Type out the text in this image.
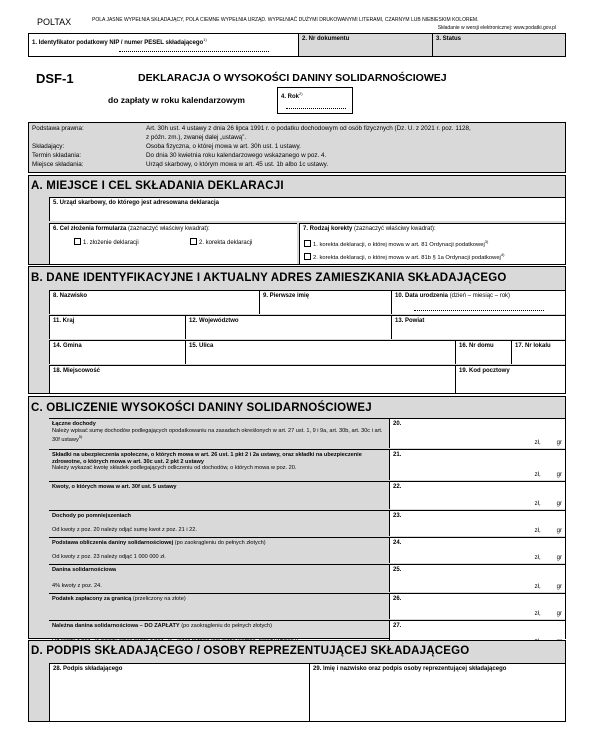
POLTAX	POLA JASNE WYPEŁNIA SKŁADAJĄCY, POLA CIEMNE WYPEŁNIA URZĄD. WYPEŁNIAĆ DUŻYMI DRUKOWANYMI LITERAMI, CZARNYM LUB NIEBIESKIM KOLOREM.
Składanie w wersji elektronicznej: www.podatki.gov.pl
1. Identyfikator podatkowy NIP / numer PESEL składającego$^{1)}$	2. Nr dokumentu	3. Status
DSF-1	DEKLARACJA O WYSOKOŚCI DANINY SOLIDARNOŚCIOWEJ
do zapłaty w roku kalendarzowym	4. Rok$^{2)}$
Podstawa prawna:	Art. 30h ust. 4 ustawy z dnia 26 lipca 1991 r. o podatku dochodowym od osób fizycznych (Dz. U. z 2021 r. poz. 1128,
z późn. zm.), zwanej dalej „ustawą”.
Składający:	Osoba fizyczna, o której mowa w art. 30h ust. 1 ustawy.
Termin składania:	Do dnia 30 kwietnia roku kalendarzowego wskazanego w poz. 4.
Miejsce składania:	Urząd skarbowy, o którym mowa w art. 45 ust. 1b albo 1c ustawy.
A. MIEJSCE I CEL SKŁADANIA DEKLARACJI
5. Urząd skarbowy, do którego jest adresowana deklaracja
6. Cel złożenia formularza (zaznaczyć właściwy kwadrat):
1. złożenie deklaracji	2. korekta deklaracji
7. Rodzaj korekty (zaznaczyć właściwy kwadrat):
1. korekta deklaracji, o której mowa w art. 81 Ordynacji podatkowej$^{3)}$
2. korekta deklaracji, o której mowa w art. 81b § 1a Ordynacji podatkowej$^{4)}$
B. DANE IDENTYFIKACYJNE I AKTUALNY ADRES ZAMIESZKANIA SKŁADAJĄCEGO
8. Nazwisko	9. Pierwsze imię	10. Data urodzenia (dzień – miesiąc – rok)
11. Kraj	12. Województwo	13. Powiat
14. Gmina	15. Ulica	16. Nr domu	17. Nr lokalu
18. Miejscowość	19. Kod pocztowy
C. OBLICZENIE WYSOKOŚCI DANINY SOLIDARNOŚCIOWEJ
Łączne dochody
Należy wpisać sumę dochodów podlegających opodatkowaniu na zasadach określonych w art. 27 ust. 1, 9 i 9a, art. 30b, art. 30c i art. 30f ustawy$^{5)}$
20.
zł,	gr
Składki na ubezpieczenia społeczne, o których mowa w art. 26 ust. 1 pkt 2 i 2a ustawy, oraz składki na ubezpieczenie zdrowotne, o których mowa w art. 30c ust. 2 pkt 2 ustawy
Należy wykazać kwotę składek podlegających odliczeniu od dochodów, o których mowa w poz. 20.
21.
zł,	gr
Kwoty, o których mowa w art. 30f ust. 5 ustawy	22.
zł,	gr
Dochody po pomniejszeniach
Od kwoty z poz. 20 należy odjąć sumę kwot z poz. 21 i 22.
23.
zł,	gr
Podstawa obliczenia daniny solidarnościowej (po zaokrągleniu do pełnych złotych)
Od kwoty z poz. 23 należy odjąć 1 000 000 zł.
24.
zł,	gr
Danina solidarnościowa
4% kwoty z poz. 24.
25.
zł,	gr
Podatek zapłacony za granicą (przeliczony na złote)	26.
zł,	gr
Należna danina solidarnościowa – DO ZAPŁATY (po zaokrągleniu do pełnych złotych)	27.
D. PODPIS SKŁADAJĄCEGO / OSOBY REPREZENTUJĄCEJ SKŁADAJĄCEGO
28. Podpis składającego	29. Imię i nazwisko oraz podpis osoby reprezentującej składającego
